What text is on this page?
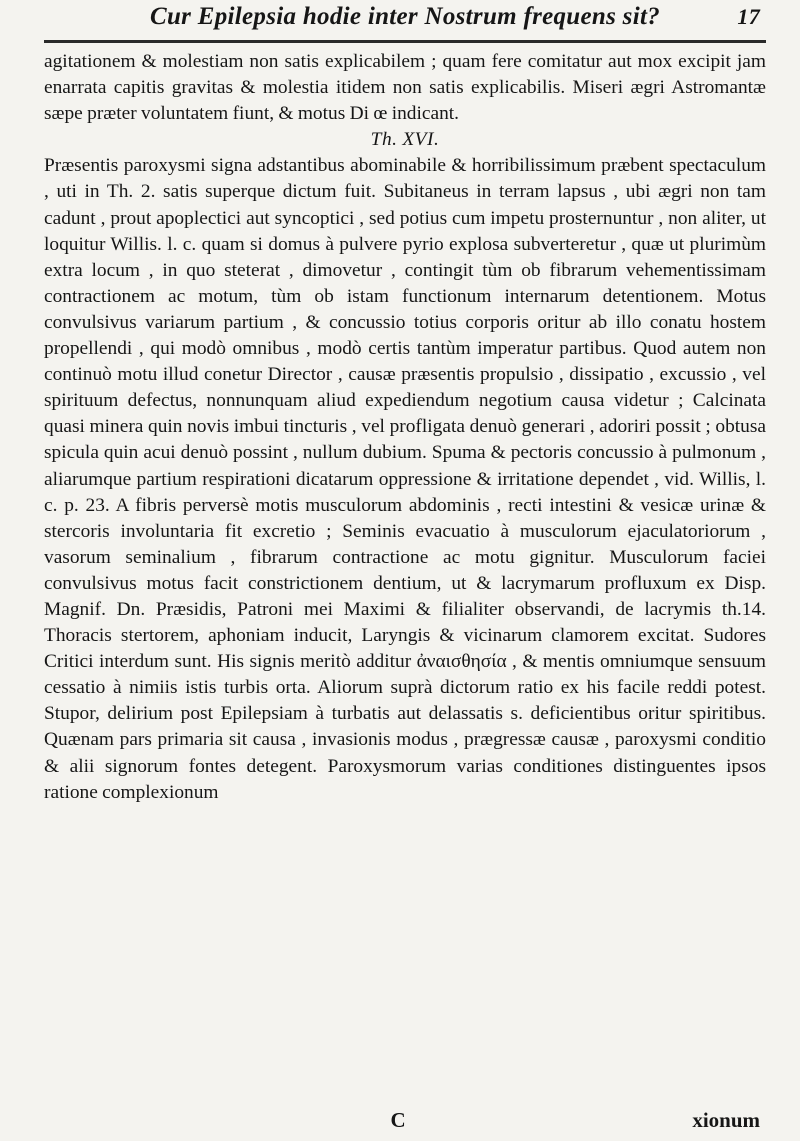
Cur Epilepsia hodie inter Nostrum frequens sit?	17

agitationem & molestiam non satis explicabilem ; quam fere comitatur aut mox excipit jam enarrata capitis gravitas & molestia itidem non satis explicabilis. Miseri ægri Astromantæ sæpe præter voluntatem fiunt, & motus Di œ indicant.

Th. XVI.

Præsentis paroxysmi signa adstantibus abominabile & horribilissimum præbent spectaculum , uti in Th. 2. satis superque dictum fuit. Subitaneus in terram lapsus , ubi ægri non tam cadunt , prout apoplectici aut syncoptici , sed potius cum impetu prosternuntur , non aliter, ut loquitur Willis. l. c. quam si domus à pulvere pyrio explosa subverteretur , quæ ut plurimùm extra locum , in quo steterat , dimovetur , contingit tùm ob fibrarum vehementissimam contractionem ac motum, tùm ob istam functionum internarum detentionem. Motus convulsivus variarum partium , & concussio totius corporis oritur ab illo conatu hostem propellendi , qui modò omnibus , modò certis tantùm imperatur partibus. Quod autem non continuò motu illud conetur Director , causæ præsentis propulsio , dissipatio , excussio , vel spirituum defectus, nonnunquam aliud expediendum negotium causa videtur ; Calcinata quasi minera quin novis imbui tincturis , vel profligata denuò generari , adoriri possit ; obtusa spicula quin acui denuò possint , nullum dubium. Spuma & pectoris concussio à pulmonum , aliarumque partium respirationi dicatarum oppressione & irritatione dependet , vid. Willis, l. c. p. 23. A fibris perversè motis musculorum abdominis , recti intestini & vesicæ urinæ & stercoris involuntaria fit excretio ; Seminis evacuatio à musculorum ejaculatoriorum , vasorum seminalium , fibrarum contractione ac motu gignitur. Musculorum faciei convulsivus motus facit constrictionem dentium, ut & lacrymarum profluxum ex Disp. Magnif. Dn. Præsidis, Patroni mei Maximi & filialiter observandi, de lacrymis th.14. Thoracis stertorem, aphoniam inducit, Laryngis & vicinarum clamorem excitat. Sudores Critici interdum sunt. His signis meritò additur ἀναισθησία , & mentis omniumque sensuum cessatio à nimiis istis turbis orta. Aliorum suprà dictorum ratio ex his facile reddi potest. Stupor, delirium post Epilepsiam à turbatis aut delassatis s. deficientibus oritur spiritibus. Quænam pars primaria sit causa , invasionis modus , prægressæ causæ , paroxysmi conditio & alii signorum fontes detegent. Paroxysmorum varias conditiones distinguentes ipsos ratione complexionum

C	xionum
